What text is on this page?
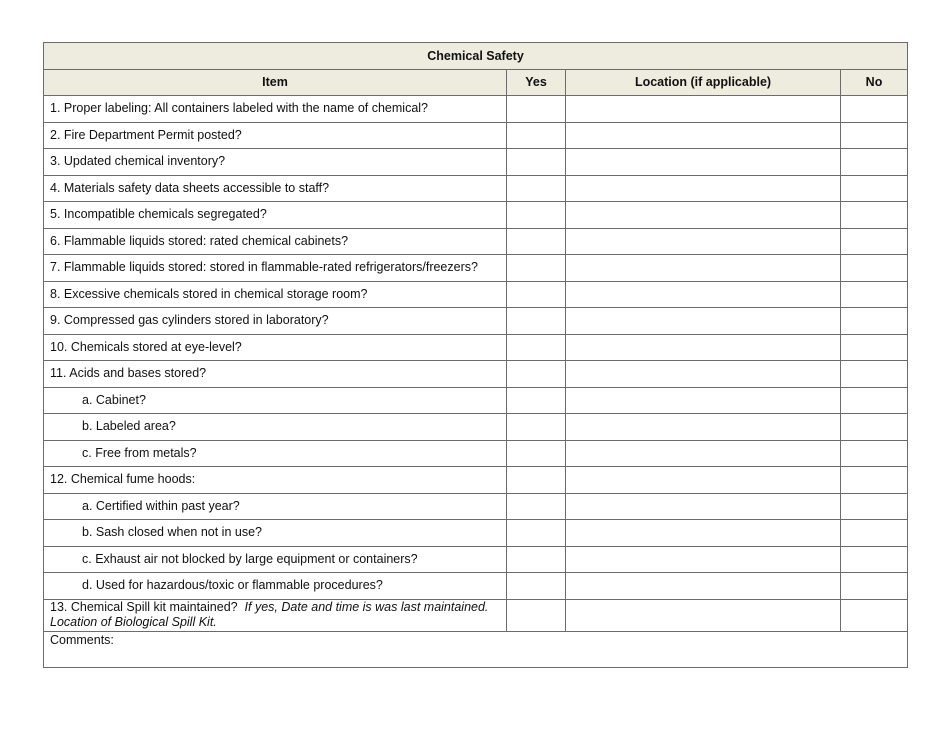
Chemical Safety			
Item	Yes	Location (if applicable)	No
1. Proper labeling: All containers labeled with the name of chemical?			
2. Fire Department Permit posted?			
3. Updated chemical inventory?			
4. Materials safety data sheets accessible to staff?			
5. Incompatible chemicals segregated?			
6. Flammable liquids stored: rated chemical cabinets?			
7. Flammable liquids stored: stored in flammable-rated refrigerators/freezers?			
8. Excessive chemicals stored in chemical storage room?			
9. Compressed gas cylinders stored in laboratory?			
10. Chemicals stored at eye-level?			
11. Acids and bases stored?			
a. Cabinet?			
b. Labeled area?			
c. Free from metals?			
12. Chemical fume hoods:			
a. Certified within past year?			
b. Sash closed when not in use?			
c. Exhaust air not blocked by large equipment or containers?			
d. Used for hazardous/toxic or flammable procedures?			
13. Chemical Spill kit maintained? If yes, Date and time is was last maintained.
Location of Biological Spill Kit.			
Comments:			
